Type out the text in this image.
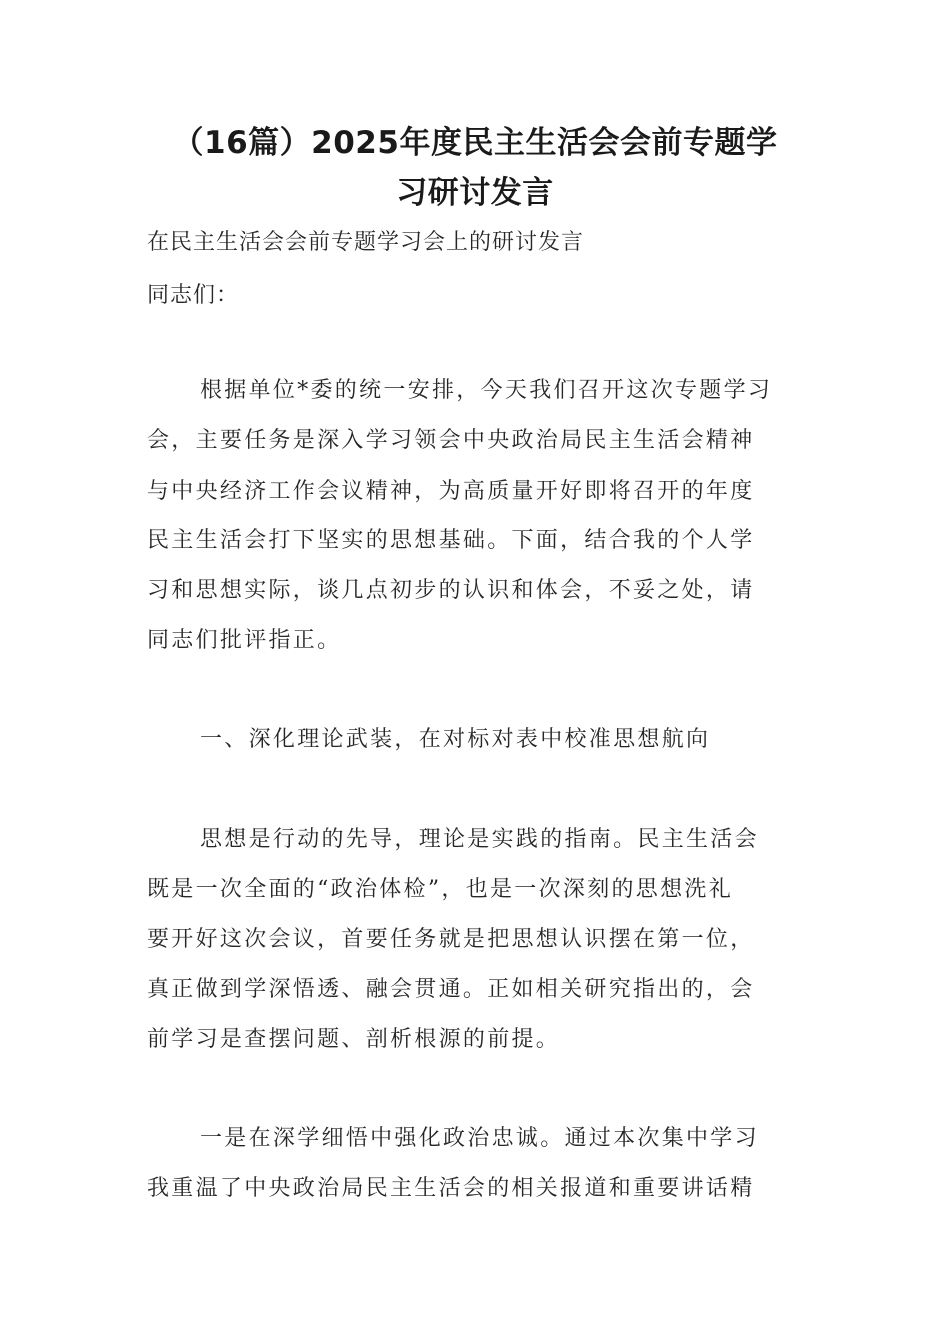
（16篇）2025年度民主生活会会前专题学
习研讨发言
在民主生活会会前专题学习会上的研讨发言
同志们：
根据单位*委的统一安排，今天我们召开这次专题学习
会，主要任务是深入学习领会中央政治局民主生活会精神
与中央经济工作会议精神，为高质量开好即将召开的年度
民主生活会打下坚实的思想基础。下面，结合我的个人学
习和思想实际，谈几点初步的认识和体会，不妥之处，请
同志们批评指正。
一、深化理论武装，在对标对表中校准思想航向
思想是行动的先导，理论是实践的指南。民主生活会
既是一次全面的“政治体检”，也是一次深刻的思想洗礼
要开好这次会议，首要任务就是把思想认识摆在第一位，
真正做到学深悟透、融会贯通。正如相关研究指出的，会
前学习是查摆问题、剖析根源的前提。
一是在深学细悟中强化政治忠诚。通过本次集中学习
我重温了中央政治局民主生活会的相关报道和重要讲话精
